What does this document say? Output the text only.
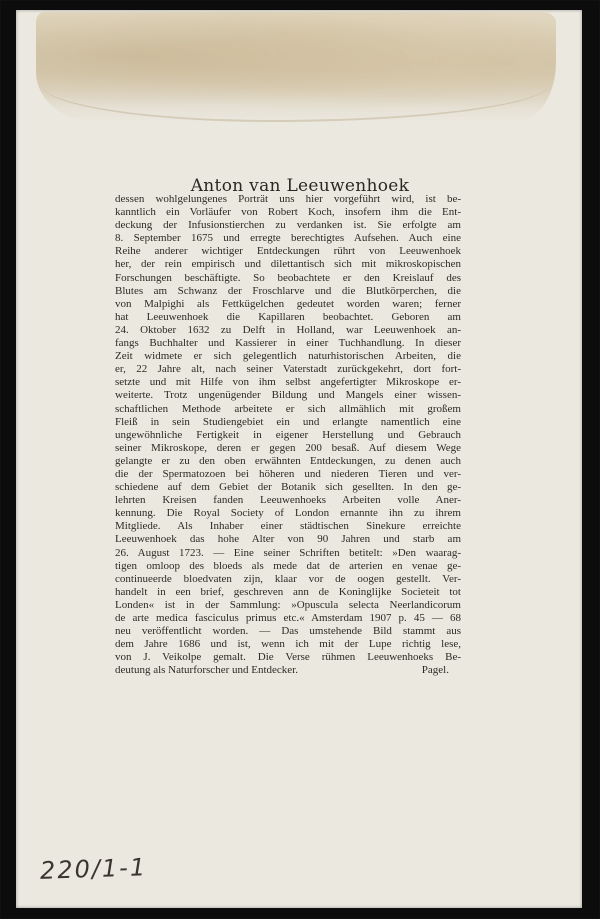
Anton van Leeuwenhoek
dessen wohlgelungenes Porträt uns hier vorgeführt wird, ist be-
kanntlich ein Vorläufer von Robert Koch, insofern ihm die Ent-
deckung der Infusionstierchen zu verdanken ist. Sie erfolgte am
8. September 1675 und erregte berechtigtes Aufsehen. Auch eine
Reihe anderer wichtiger Entdeckungen rührt von Leeuwenhoek
her, der rein empirisch und dilettantisch sich mit mikroskopischen
Forschungen beschäftigte. So beobachtete er den Kreislauf des
Blutes am Schwanz der Froschlarve und die Blutkörperchen, die
von Malpighi als Fettkügelchen gedeutet worden waren; ferner
hat Leeuwenhoek die Kapillaren beobachtet. Geboren am
24. Oktober 1632 zu Delft in Holland, war Leeuwenhoek an-
fangs Buchhalter und Kassierer in einer Tuchhandlung. In dieser
Zeit widmete er sich gelegentlich naturhistorischen Arbeiten, die
er, 22 Jahre alt, nach seiner Vaterstadt zurückgekehrt, dort fort-
setzte und mit Hilfe von ihm selbst angefertigter Mikroskope er-
weiterte. Trotz ungenügender Bildung und Mangels einer wissen-
schaftlichen Methode arbeitete er sich allmählich mit großem
Fleiß in sein Studiengebiet ein und erlangte namentlich eine
ungewöhnliche Fertigkeit in eigener Herstellung und Gebrauch
seiner Mikroskope, deren er gegen 200 besaß. Auf diesem Wege
gelangte er zu den oben erwähnten Entdeckungen, zu denen auch
die der Spermatozoen bei höheren und niederen Tieren und ver-
schiedene auf dem Gebiet der Botanik sich gesellten. In den ge-
lehrten Kreisen fanden Leeuwenhoeks Arbeiten volle Aner-
kennung. Die Royal Society of London ernannte ihn zu ihrem
Mitgliede. Als Inhaber einer städtischen Sinekure erreichte
Leeuwenhoek das hohe Alter von 90 Jahren und starb am
26. August 1723. — Eine seiner Schriften betitelt: »Den waarag-
tigen omloop des bloeds als mede dat de arterien en venae ge-
continueerde bloedvaten zijn, klaar vor de oogen gestellt. Ver-
handelt in een brief, geschreven ann de Koninglijke Societeit tot
Londen« ist in der Sammlung: »Opuscula selecta Neerlandicorum
de arte medica fasciculus primus etc.« Amsterdam 1907 p. 45 — 68
neu veröffentlicht worden. — Das umstehende Bild stammt aus
dem Jahre 1686 und ist, wenn ich mit der Lupe richtig lese,
von J. Veikolpe gemalt. Die Verse rühmen Leeuwenhoeks Be-
deutung als Naturforscher und Entdecker.	Pagel.
220/1-1
